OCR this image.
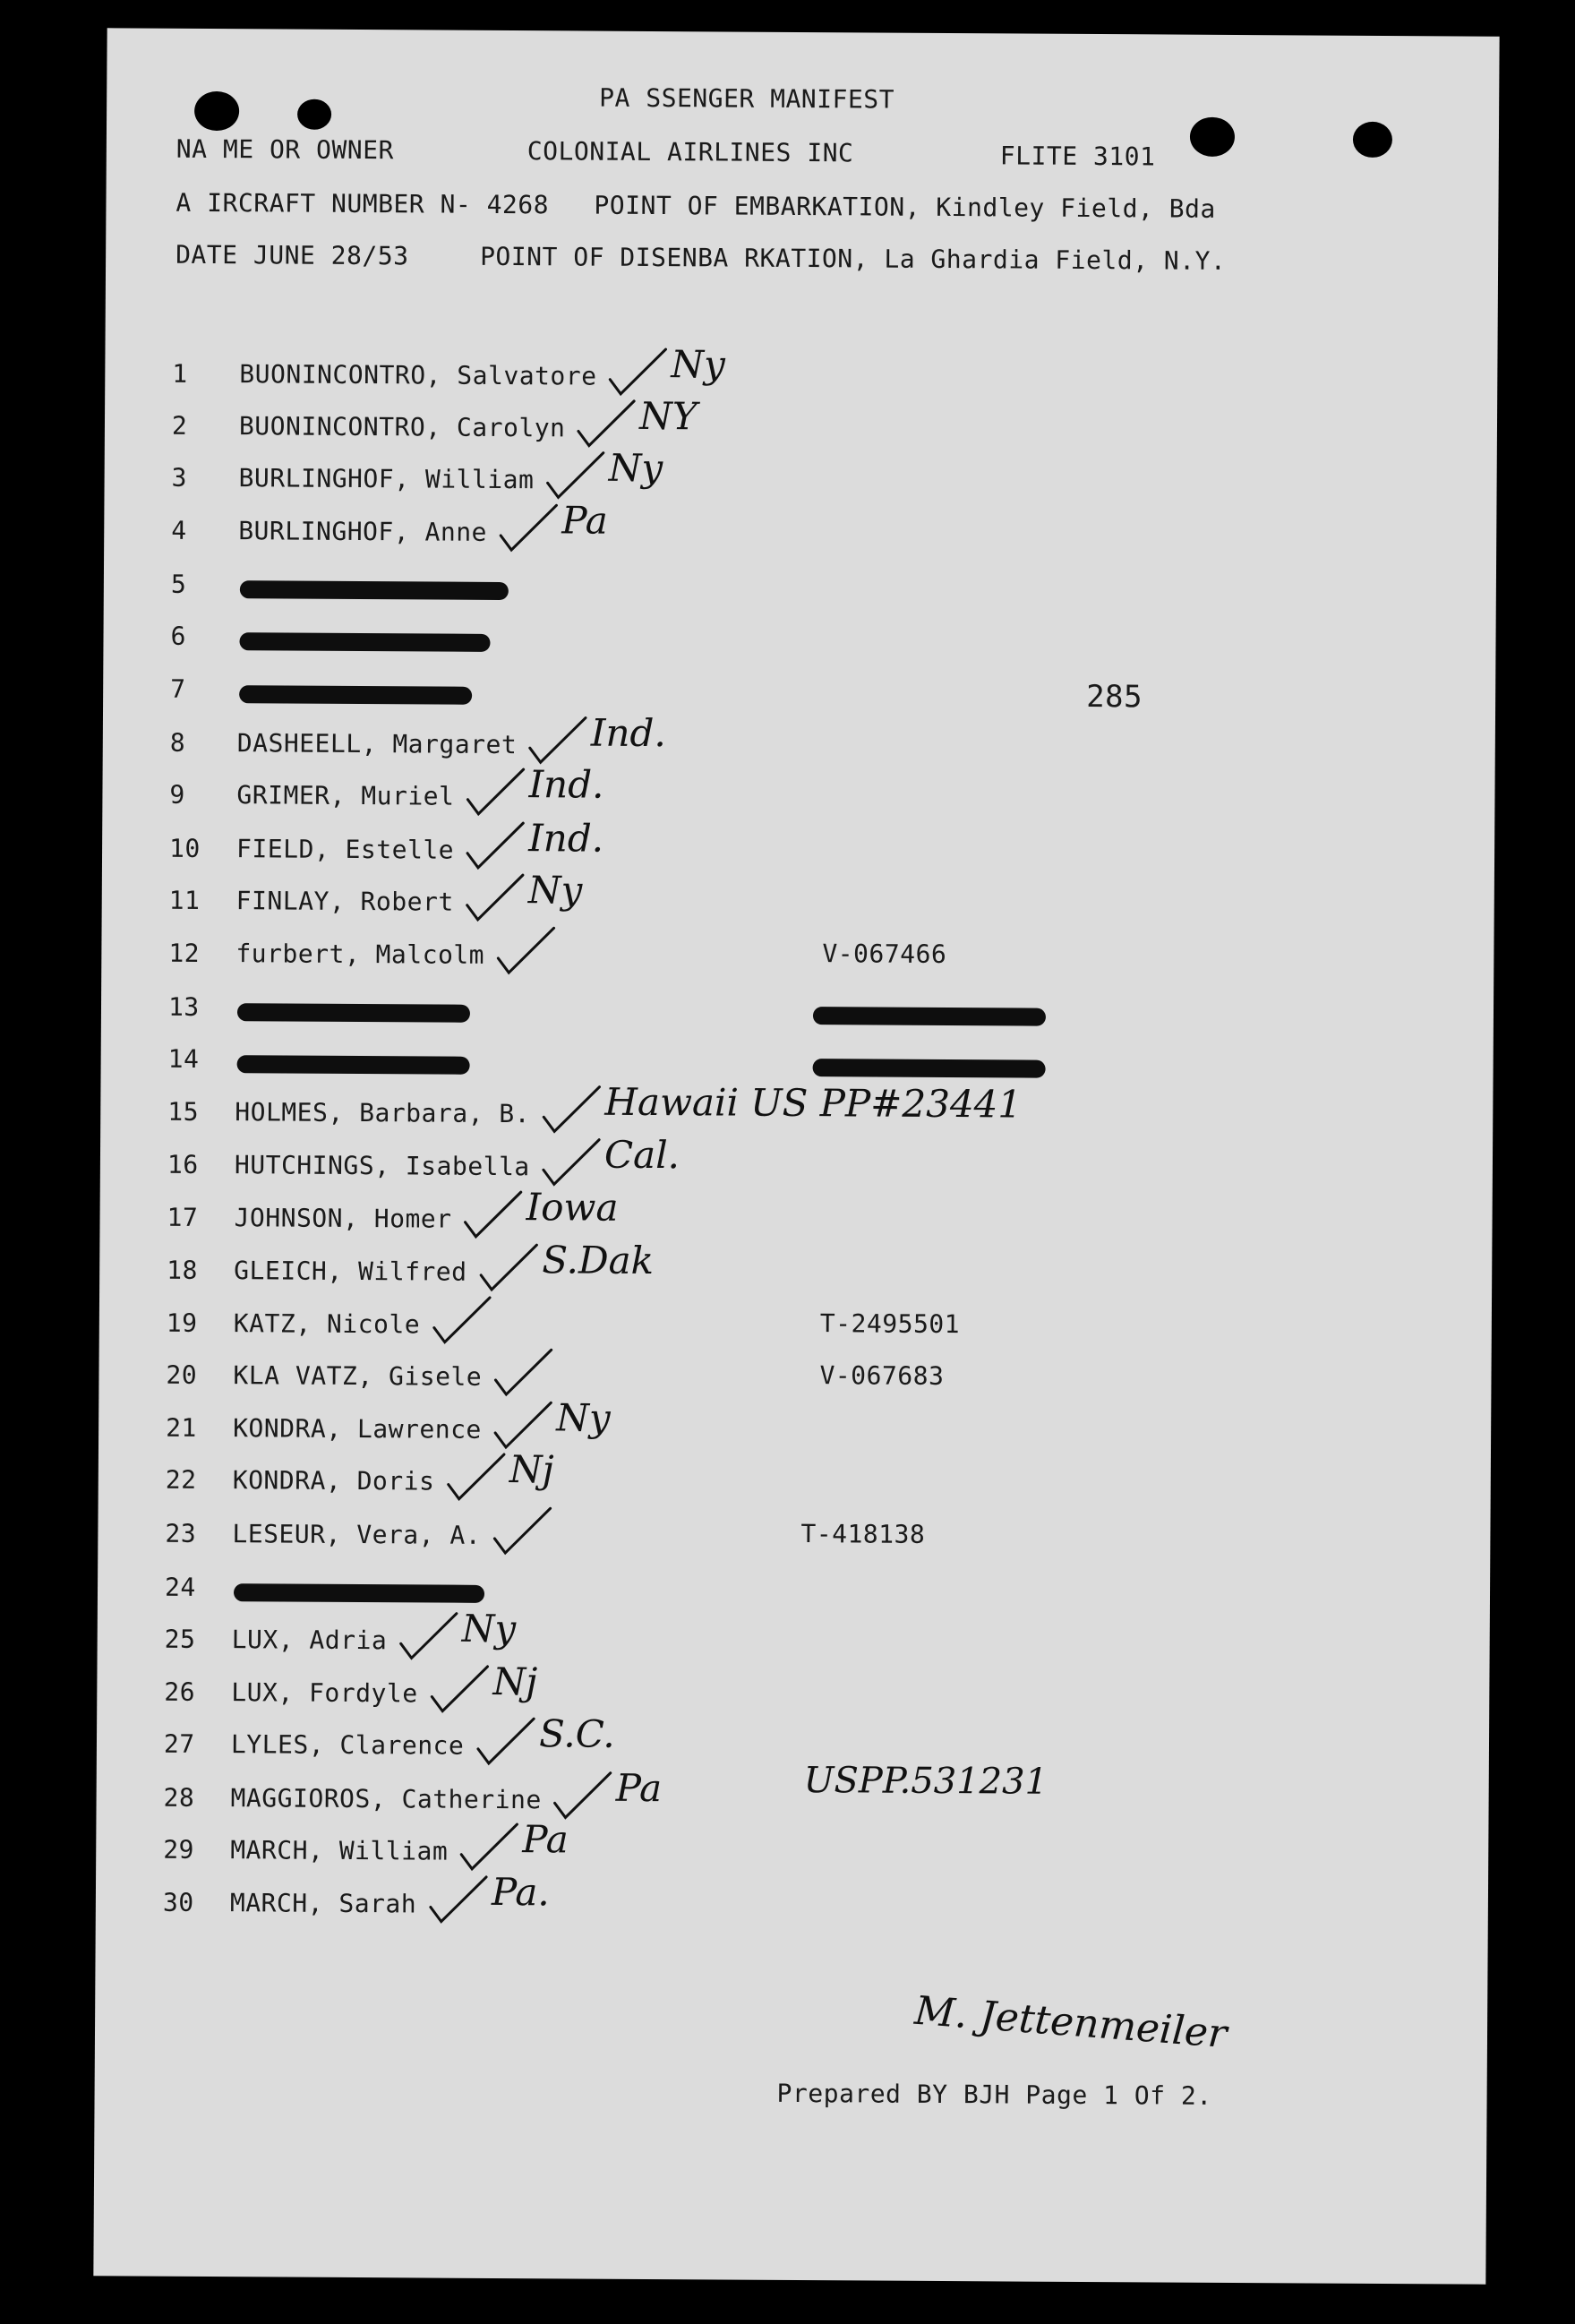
PA SSENGER MANIFEST
NA ME OR OWNER	COLONIAL AIRLINES INC	FLITE 3101
A IRCRAFT NUMBER N- 4268 POINT OF EMBARKATION, Kindley Field, Bda
DATE JUNE 28/53	POINT OF DISENBA RKATION, La Ghardia Field, N.Y.
285
1	BUONINCONTRO, Salvatore Ny
2	BUONINCONTRO, Carolyn NY
3	BURLINGHOF, William Ny
4	BURLINGHOF, Anne Pa
5
6
7
8	DASHEELL, Margaret Ind.
9	GRIMER, Muriel Ind.
10	FIELD, Estelle Ind.
11	FINLAY, Robert Ny
12	furbert, Malcolm	V-067466
13
14
15	HOLMES, Barbara, B. Hawaii US PP#23441
16	HUTCHINGS, Isabella Cal.
17	JOHNSON, Homer Iowa
18	GLEICH, Wilfred S.Dak
19	KATZ, Nicole	T-2495501
20	KLA VATZ, Gisele	V-067683
21	KONDRA, Lawrence Ny
22	KONDRA, Doris Nj
23	LESEUR, Vera, A.	T-418138
24
25	LUX, Adria Ny
26	LUX, Fordyle Nj
27	LYLES, Clarence S.C.
28	MAGGIOROS, Catherine Pa	USPP.531231
29	MARCH, William Pa
30	MARCH, Sarah Pa.
M. Jettenmeiler
Prepared BY BJH Page 1 Of 2.
